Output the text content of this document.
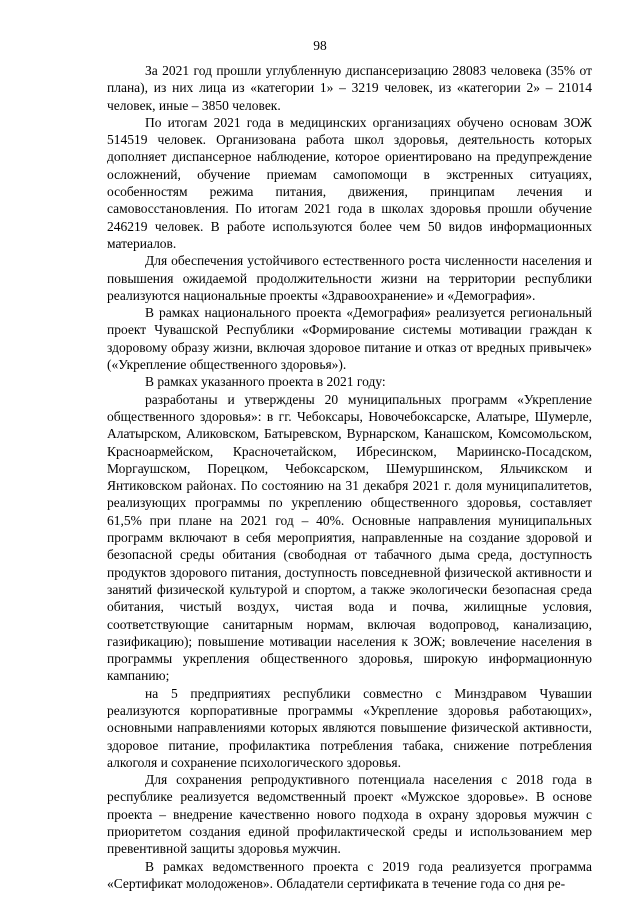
98

За 2021 год прошли углубленную диспансеризацию 28083 человека (35% от плана), из них лица из «категории 1» – 3219 человек, из «категории 2» – 21014 человек, иные – 3850 человек.

По итогам 2021 года в медицинских организациях обучено основам ЗОЖ 514519 человек. Организована работа школ здоровья, деятельность которых дополняет диспансерное наблюдение, которое ориентировано на предупреждение осложнений, обучение приемам самопомощи в экстренных ситуациях, особенностям режима питания, движения, принципам лечения и самовосстановления. По итогам 2021 года в школах здоровья прошли обучение 246219 человек. В работе используются более чем 50 видов информационных материалов.

Для обеспечения устойчивого естественного роста численности населения и повышения ожидаемой продолжительности жизни на территории республики реализуются национальные проекты «Здравоохранение» и «Демография».

В рамках национального проекта «Демография» реализуется региональный проект Чувашской Республики «Формирование системы мотивации граждан к здоровому образу жизни, включая здоровое питание и отказ от вредных привычек» («Укрепление общественного здоровья»).

В рамках указанного проекта в 2021 году:

разработаны и утверждены 20 муниципальных программ «Укрепление общественного здоровья»: в гг. Чебоксары, Новочебоксарске, Алатыре, Шумерле, Алатырском, Аликовском, Батыревском, Вурнарском, Канашском, Комсомольском, Красноармейском, Красночетайском, Ибресинском, Мариинско-Посадском, Моргаушском, Порецком, Чебоксарском, Шемуршинском, Яльчикском и Янтиковском районах. По состоянию на 31 декабря 2021 г. доля муниципалитетов, реализующих программы по укреплению общественного здоровья, составляет 61,5% при плане на 2021 год – 40%. Основные направления муниципальных программ включают в себя мероприятия, направленные на создание здоровой и безопасной среды обитания (свободная от табачного дыма среда, доступность продуктов здорового питания, доступность повседневной физической активности и занятий физической культурой и спортом, а также экологически безопасная среда обитания, чистый воздух, чистая вода и почва, жилищные условия, соответствующие санитарным нормам, включая водопровод, канализацию, газификацию); повышение мотивации населения к ЗОЖ; вовлечение населения в программы укрепления общественного здоровья, широкую информационную кампанию;

на 5 предприятиях республики совместно с Минздравом Чувашии реализуются корпоративные программы «Укрепление здоровья работающих», основными направлениями которых являются повышение физической активности, здоровое питание, профилактика потребления табака, снижение потребления алкоголя и сохранение психологического здоровья.

Для сохранения репродуктивного потенциала населения с 2018 года в республике реализуется ведомственный проект «Мужское здоровье». В основе проекта – внедрение качественно нового подхода в охрану здоровья мужчин с приоритетом создания единой профилактической среды и использованием мер превентивной защиты здоровья мужчин.

В рамках ведомственного проекта с 2019 года реализуется программа «Сертификат молодоженов». Обладатели сертификата в течение года со дня ре-
